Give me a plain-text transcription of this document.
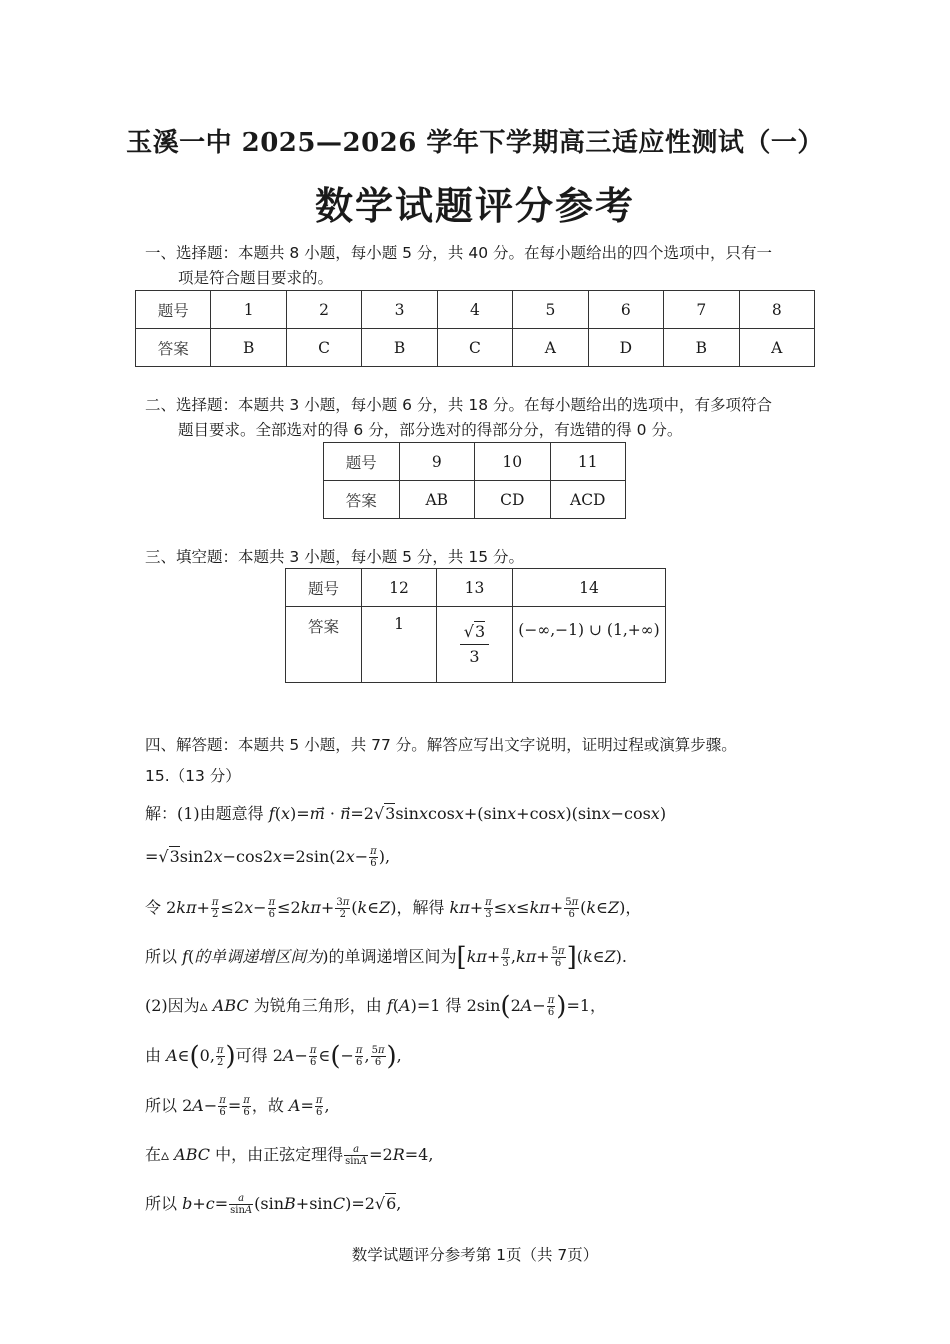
玉溪一中 2025—2026 学年下学期高三适应性测试（一）
数学试题评分参考
一、选择题：本题共 8 小题，每小题 5 分，共 40 分。在每小题给出的四个选项中，只有一
项是符合题目要求的。
题号	1	2	3	4	5	6	7	8
答案	B	C	B	C	A	D	B	A
二、选择题：本题共 3 小题，每小题 6 分，共 18 分。在每小题给出的选项中，有多项符合
题目要求。全部选对的得 6 分，部分选对的得部分分，有选错的得 0 分。
题号	9	10	11
答案	AB	CD	ACD
三、填空题：本题共 3 小题，每小题 5 分，共 15 分。
题号	12	13	14
答案	1	$\frac{√3}{3}$	(−∞,−1) ∪ (1,+∞)
四、解答题：本题共 5 小题，共 77 分。解答应写出文字说明，证明过程或演算步骤。
15.（13 分）
解：(1)由题意得 f(x)=m⃗ · n⃗=2√3sinxcosx+(sinx+cosx)(sinx−cosx)
$=√3\sin 2x-\cos 2x=2\sin(2x- \frac{\pi}{6}$ ),
令 $2k\pi+ \frac{\pi}{2} \le 2x- \frac{\pi}{6} \le 2k\pi+ \frac{3\pi}{2}$ (k∈Z)，解得 $k\pi+ \frac{\pi}{3} \le x\le k\pi+ \frac{5\pi}{6}$ (k∈Z)，
所以 f(的单调递增区间为)的单调递增区间为[$k\pi+ \frac{\pi}{3} ,k\pi+ \frac{5\pi}{6}$ ](k∈Z).
(2)因为▵ ABC 为锐角三角形，由 f(A)=1 得 $2\sin(2A- \frac{\pi}{6} )=1$，
由 A∈(0, $\frac{\pi}{2}$ )可得 $2A- \frac{\pi}{6}$ ∈(− $\frac{\pi}{6}$ , $\frac{5\pi}{6}$ ),
所以 $2A- \frac{\pi}{6} = \frac{\pi}{6}$ ，故 $A= \frac{\pi}{6}$ ,
在▵ ABC 中，由正弦定理得 $\frac{a}{\sin A} =2R=4$,
所以 $b+c= \frac{a}{\sin A} (\sin B+\sin C)=2√6$,
数学试题评分参考第 1页（共 7页）
